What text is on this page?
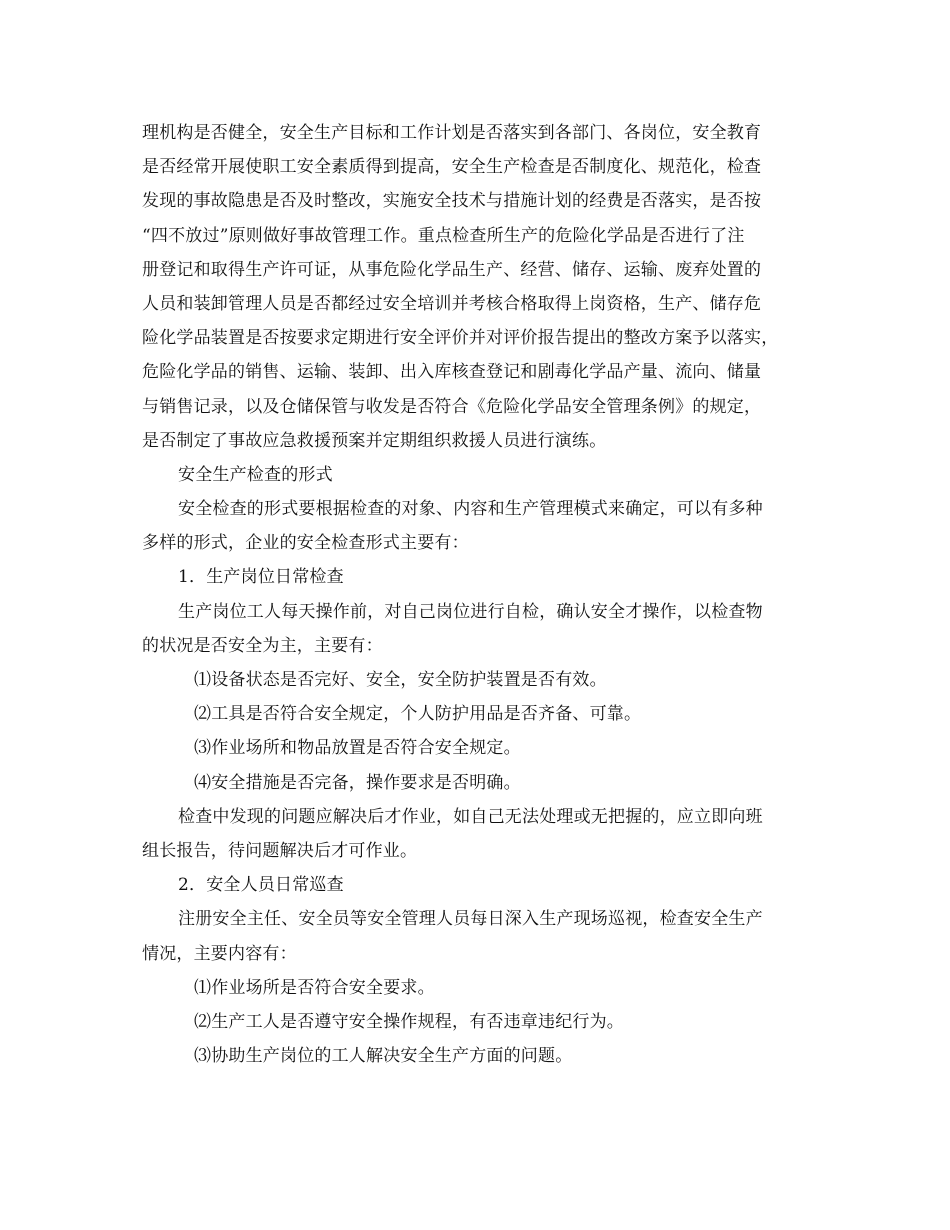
理机构是否健全，安全生产目标和工作计划是否落实到各部门、各岗位，安全教育
是否经常开展使职工安全素质得到提高，安全生产检查是否制度化、规范化，检查
发现的事故隐患是否及时整改，实施安全技术与措施计划的经费是否落实，是否按
“四不放过”原则做好事故管理工作。重点检查所生产的危险化学品是否进行了注
册登记和取得生产许可证，从事危险化学品生产、经营、储存、运输、废弃处置的
人员和装卸管理人员是否都经过安全培训并考核合格取得上岗资格，生产、储存危
险化学品装置是否按要求定期进行安全评价并对评价报告提出的整改方案予以落实，
危险化学品的销售、运输、装卸、出入库核查登记和剧毒化学品产量、流向、储量
与销售记录，以及仓储保管与收发是否符合《危险化学品安全管理条例》的规定，
是否制定了事故应急救援预案并定期组织救援人员进行演练。
安全生产检查的形式
安全检查的形式要根据检查的对象、内容和生产管理模式来确定，可以有多种
多样的形式，企业的安全检查形式主要有：
1．生产岗位日常检查
生产岗位工人每天操作前，对自己岗位进行自检，确认安全才操作，以检查物
的状况是否安全为主，主要有：
⑴设备状态是否完好、安全，安全防护装置是否有效。
⑵工具是否符合安全规定，个人防护用品是否齐备、可靠。
⑶作业场所和物品放置是否符合安全规定。
⑷安全措施是否完备，操作要求是否明确。
检查中发现的问题应解决后才作业，如自己无法处理或无把握的，应立即向班
组长报告，待问题解决后才可作业。
2．安全人员日常巡查
注册安全主任、安全员等安全管理人员每日深入生产现场巡视，检查安全生产
情况，主要内容有：
⑴作业场所是否符合安全要求。
⑵生产工人是否遵守安全操作规程，有否违章违纪行为。
⑶协助生产岗位的工人解决安全生产方面的问题。
